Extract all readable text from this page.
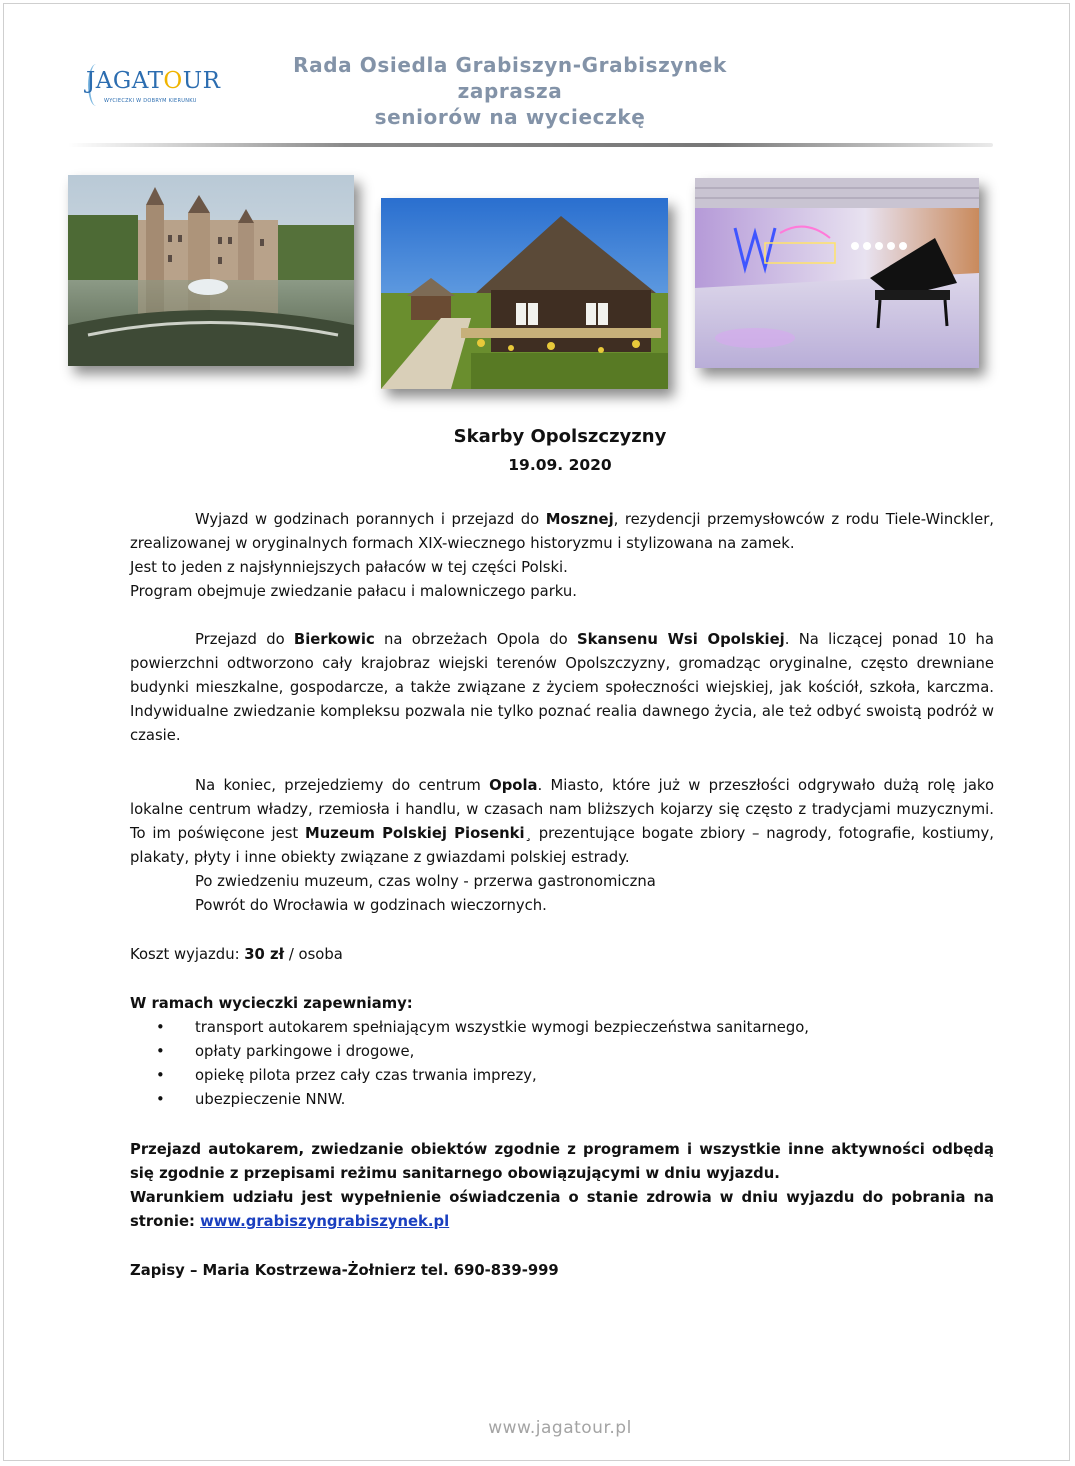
JAGATOUR
WYCIECZKI W DOBRYM KIERUNKU
Rada Osiedla Grabiszyn-Grabiszynek
zaprasza
seniorów na wycieczkę
Skarby Opolszczyzny
19.09. 2020

Wyjazd w godzinach porannych i przejazd do Mosznej, rezydencji przemysłowców z rodu Tiele-Winckler, zrealizowanej w oryginalnych formach XIX-wiecznego historyzmu i stylizowana na zamek.

Jest to jeden z najsłynniejszych pałaców w tej części Polski.
Program obejmuje zwiedzanie pałacu i malowniczego parku.

Przejazd do Bierkowic na obrzeżach Opola do Skansenu Wsi Opolskiej. Na liczącej ponad 10 ha powierzchni odtworzono cały krajobraz wiejski terenów Opolszczyzny, gromadząc oryginalne, często drewniane budynki mieszkalne, gospodarcze, a także związane z życiem społeczności wiejskiej, jak kościół, szkoła, karczma. Indywidualne zwiedzanie kompleksu pozwala nie tylko poznać realia dawnego życia, ale też odbyć swoistą podróż w czasie.

Na koniec, przejedziemy do centrum Opola. Miasto, które już w przeszłości odgrywało dużą rolę jako lokalne centrum władzy, rzemiosła i handlu, w czasach nam bliższych kojarzy się często z tradycjami muzycznymi. To im poświęcone jest Muzeum Polskiej Piosenki¸ prezentujące bogate zbiory – nagrody, fotografie, kostiumy, plakaty, płyty i inne obiekty związane z gwiazdami polskiej estrady.

Po zwiedzeniu muzeum, czas wolny - przerwa gastronomiczna
Powrót do Wrocławia w godzinach wieczornych.
Koszt wyjazdu: 30 zł / osoba
W ramach wycieczki zapewniamy:
• transport autokarem spełniającym wszystkie wymogi bezpieczeństwa sanitarnego,
• opłaty parkingowe i drogowe,
• opiekę pilota przez cały czas trwania imprezy,
• ubezpieczenie NNW.

Przejazd autokarem, zwiedzanie obiektów zgodnie z programem i wszystkie inne aktywności odbędą się zgodnie z przepisami reżimu sanitarnego obowiązującymi w dniu wyjazdu.

Warunkiem udziału jest wypełnienie oświadczenia o stanie zdrowia w dniu wyjazdu do pobrania na stronie: www.grabiszyngrabiszynek.pl

Zapisy – Maria Kostrzewa-Żołnierz tel. 690-839-999
www.jagatour.pl
